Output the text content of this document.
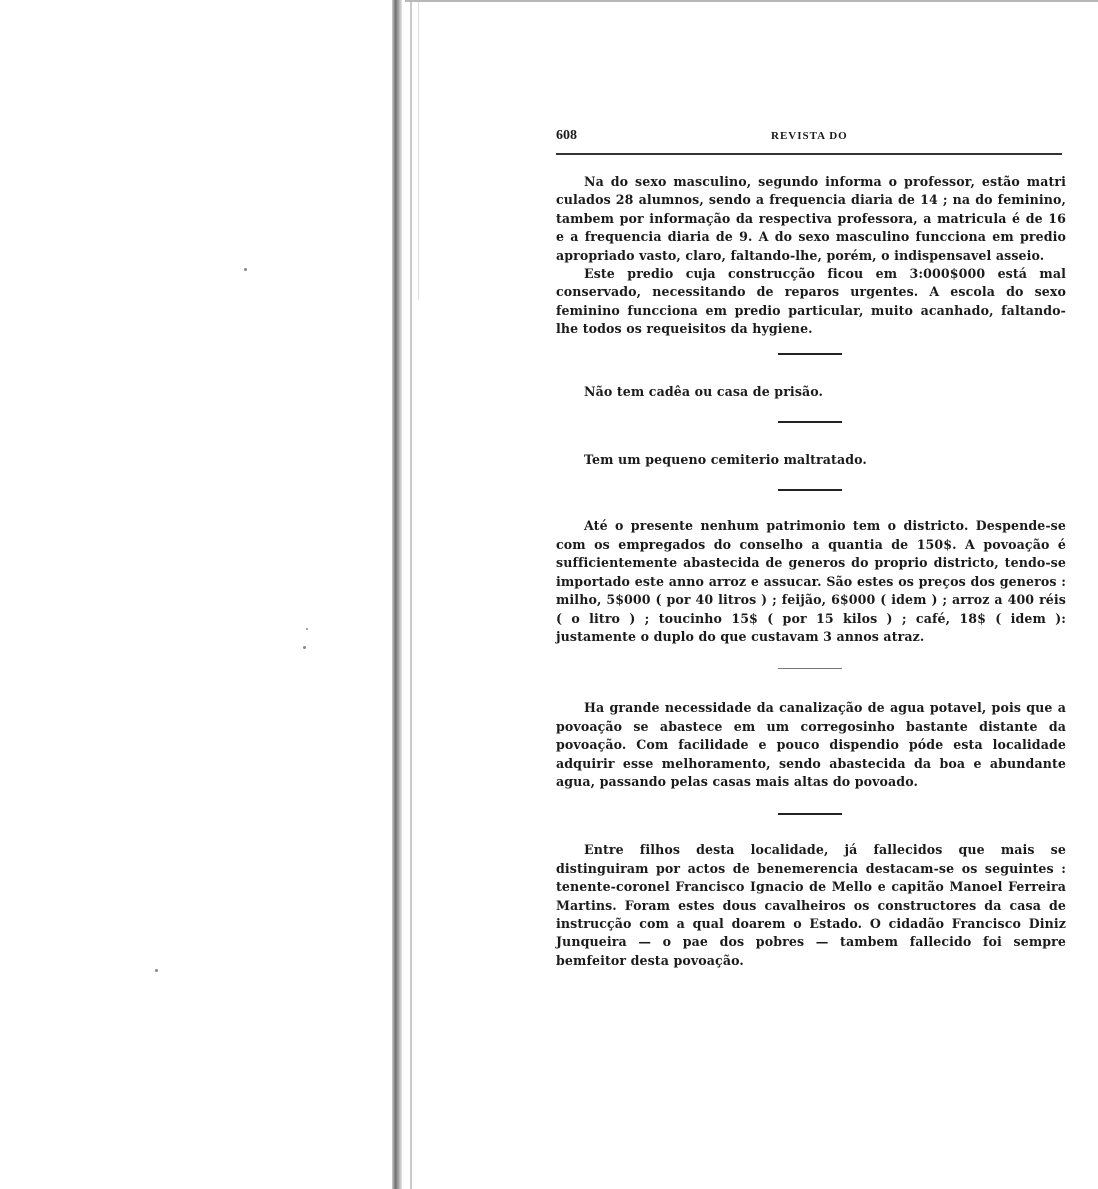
608	REVISTA DO

Na do sexo masculino, segundo informa o professor, estão matri culados 28 alumnos, sendo a frequencia diaria de 14 ; na do feminino, tambem por informação da respectiva professora, a matricula é de 16 e a frequencia diaria de 9. A do sexo masculino funcciona em predio apropriado vasto, claro, faltando-lhe, porém, o indispensavel asseio.

Este predio cuja construcção ficou em 3:000$000 está mal conservado, necessitando de reparos urgentes. A escola do sexo feminino funcciona em predio particular, muito acanhado, faltando-lhe todos os requeisitos da hygiene.

Não tem cadêa ou casa de prisão.

Tem um pequeno cemiterio maltratado.

Até o presente nenhum patrimonio tem o districto. Despende-se com os empregados do conselho a quantia de 150$. A povoação é sufficientemente abastecida de generos do proprio districto, tendo-se importado este anno arroz e assucar. São estes os preços dos generos : milho, 5$000 ( por 40 litros ) ; feijão, 6$000 ( idem ) ; arroz a 400 réis ( o litro ) ; toucinho 15$ ( por 15 kilos ) ; café, 18$ ( idem ): justamente o duplo do que custavam 3 annos atraz.

Ha grande necessidade da canalização de agua potavel, pois que a povoação se abastece em um corregosinho bastante distante da povoação. Com facilidade e pouco dispendio póde esta localidade adquirir esse melhoramento, sendo abastecida da boa e abundante agua, passando pelas casas mais altas do povoado.

Entre filhos desta localidade, já fallecidos que mais se distinguiram por actos de benemerencia destacam-se os seguintes : tenente-coronel Francisco Ignacio de Mello e capitão Manoel Ferreira Martins. Foram estes dous cavalheiros os constructores da casa de instrucção com a qual doarem o Estado. O cidadão Francisco Diniz Junqueira — o pae dos pobres — tambem fallecido foi sempre bemfeitor desta povoação.
